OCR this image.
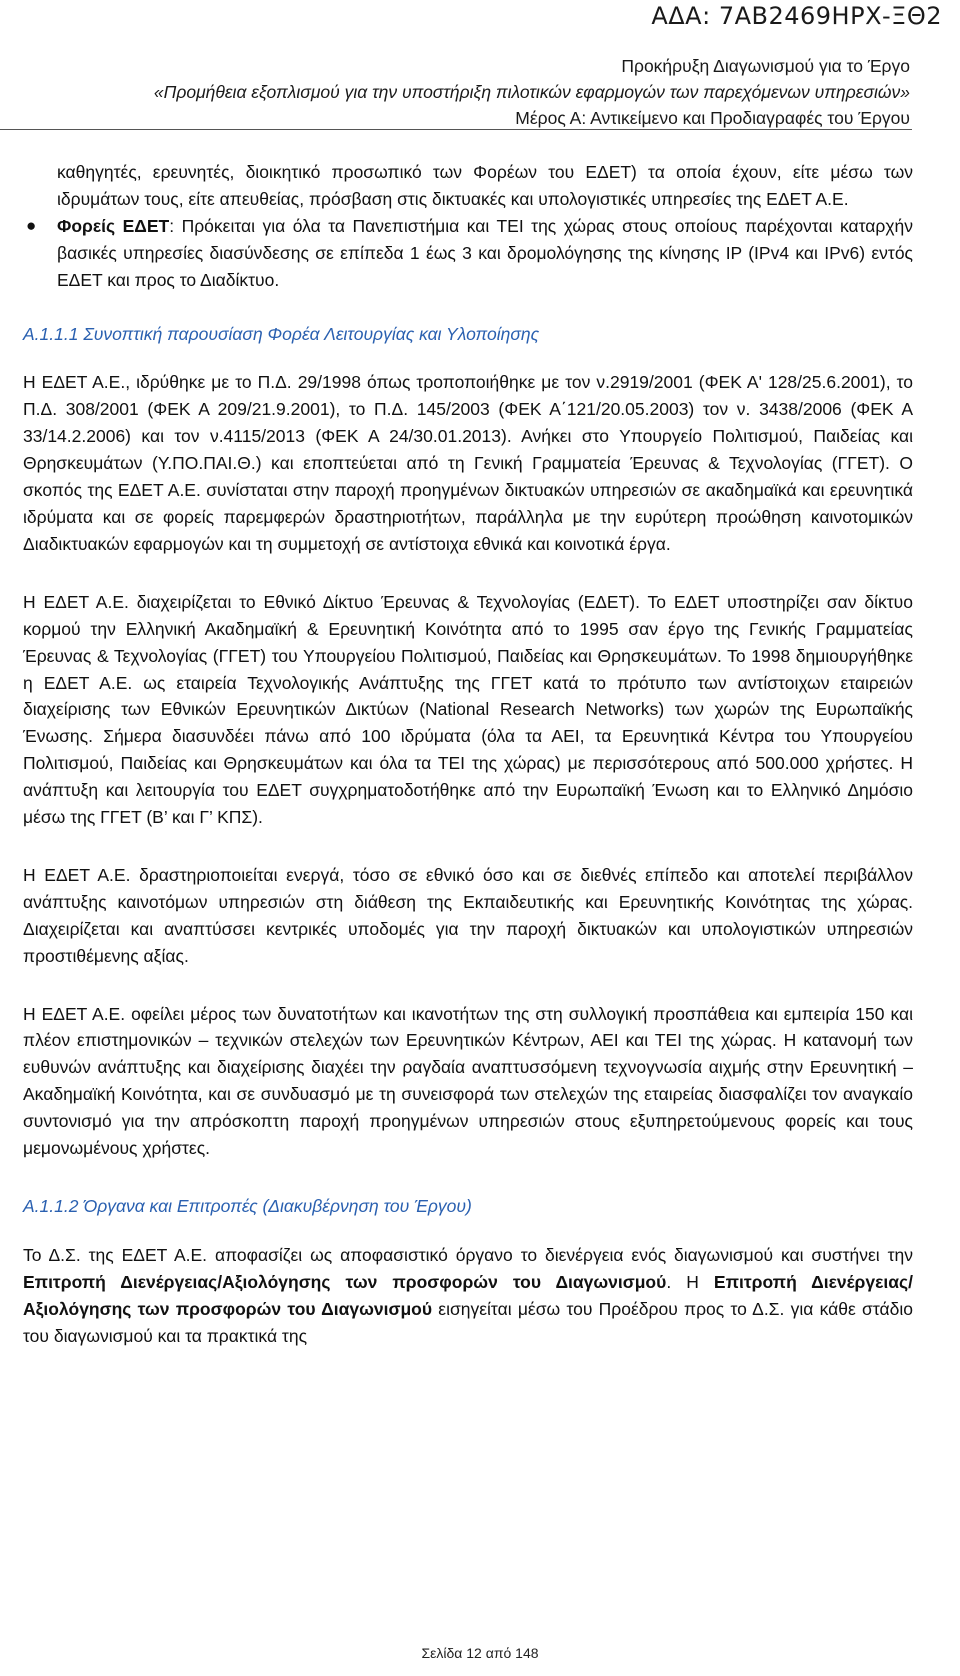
ΑΔΑ: 7ΑΒ2469ΗΡΧ-ΞΘ2
Προκήρυξη Διαγωνισμού για το Έργο
«Προμήθεια εξοπλισμού για την υποστήριξη πιλοτικών εφαρμογών των παρεχόμενων υπηρεσιών»
Μέρος Α: Αντικείμενο και Προδιαγραφές του Έργου

καθηγητές, ερευνητές, διοικητικό προσωπικό των Φορέων του ΕΔΕΤ) τα οποία έχουν, είτε μέσω των ιδρυμάτων τους, είτε απευθείας, πρόσβαση στις δικτυακές και υπολογιστικές υπηρεσίες της ΕΔΕΤ Α.Ε.

● Φορείς ΕΔΕΤ: Πρόκειται για όλα τα Πανεπιστήμια και ΤΕΙ της χώρας στους οποίους παρέχονται καταρχήν βασικές υπηρεσίες διασύνδεσης σε επίπεδα 1 έως 3 και δρομολόγησης της κίνησης IP (IPv4 και IPv6) εντός ΕΔΕΤ και προς το Διαδίκτυο.

Α.1.1.1 Συνοπτική παρουσίαση Φορέα Λειτουργίας και Υλοποίησης

Η ΕΔΕΤ Α.Ε., ιδρύθηκε με το Π.Δ. 29/1998 όπως τροποποιήθηκε με τον ν.2919/2001 (ΦΕΚ Α' 128/25.6.2001), το Π.Δ. 308/2001 (ΦΕΚ Α 209/21.9.2001), το Π.Δ. 145/2003 (ΦΕΚ Α΄121/20.05.2003) τον ν. 3438/2006 (ΦΕΚ Α 33/14.2.2006) και τον ν.4115/2013 (ΦΕΚ Α 24/30.01.2013). Ανήκει στο Υπουργείο Πολιτισμού, Παιδείας και Θρησκευμάτων (Υ.ΠΟ.ΠΑΙ.Θ.) και εποπτεύεται από τη Γενική Γραμματεία Έρευνας & Τεχνολογίας (ΓΓΕΤ). Ο σκοπός της ΕΔΕΤ Α.Ε. συνίσταται στην παροχή προηγμένων δικτυακών υπηρεσιών σε ακαδημαϊκά και ερευνητικά ιδρύματα και σε φορείς παρεμφερών δραστηριοτήτων, παράλληλα με την ευρύτερη προώθηση καινοτομικών Διαδικτυακών εφαρμογών και τη συμμετοχή σε αντίστοιχα εθνικά και κοινοτικά έργα.

Η ΕΔΕΤ Α.Ε. διαχειρίζεται το Εθνικό Δίκτυο Έρευνας & Τεχνολογίας (ΕΔΕΤ). Το ΕΔΕΤ υποστηρίζει σαν δίκτυο κορμού την Ελληνική Ακαδημαϊκή & Ερευνητική Κοινότητα από το 1995 σαν έργο της Γενικής Γραμματείας Έρευνας & Τεχνολογίας (ΓΓΕΤ) του Υπουργείου Πολιτισμού, Παιδείας και Θρησκευμάτων. Το 1998 δημιουργήθηκε η ΕΔΕΤ Α.Ε. ως εταιρεία Τεχνολογικής Ανάπτυξης της ΓΓΕΤ κατά το πρότυπο των αντίστοιχων εταιρειών διαχείρισης των Εθνικών Ερευνητικών Δικτύων (National Research Networks) των χωρών της Ευρωπαϊκής Ένωσης. Σήμερα διασυνδέει πάνω από 100 ιδρύματα (όλα τα ΑΕΙ, τα Ερευνητικά Κέντρα του Υπουργείου Πολιτισμού, Παιδείας και Θρησκευμάτων και όλα τα ΤΕΙ της χώρας) με περισσότερους από 500.000 χρήστες. Η ανάπτυξη και λειτουργία του ΕΔΕΤ συγχρηματοδοτήθηκε από την Ευρωπαϊκή Ένωση και το Ελληνικό Δημόσιο μέσω της ΓΓΕΤ (Β’ και Γ’ ΚΠΣ).

Η ΕΔΕΤ Α.Ε. δραστηριοποιείται ενεργά, τόσο σε εθνικό όσο και σε διεθνές επίπεδο και αποτελεί περιβάλλον ανάπτυξης καινοτόμων υπηρεσιών στη διάθεση της Εκπαιδευτικής και Ερευνητικής Κοινότητας της χώρας. Διαχειρίζεται και αναπτύσσει κεντρικές υποδομές για την παροχή δικτυακών και υπολογιστικών υπηρεσιών προστιθέμενης αξίας.

Η ΕΔΕΤ Α.Ε. οφείλει μέρος των δυνατοτήτων και ικανοτήτων της στη συλλογική προσπάθεια και εμπειρία 150 και πλέον επιστημονικών – τεχνικών στελεχών των Ερευνητικών Κέντρων, ΑΕΙ και ΤΕΙ της χώρας. Η κατανομή των ευθυνών ανάπτυξης και διαχείρισης διαχέει την ραγδαία αναπτυσσόμενη τεχνογνωσία αιχμής στην Ερευνητική – Ακαδημαϊκή Κοινότητα, και σε συνδυασμό με τη συνεισφορά των στελεχών της εταιρείας διασφαλίζει τον αναγκαίο συντονισμό για την απρόσκοπτη παροχή προηγμένων υπηρεσιών στους εξυπηρετούμενους φορείς και τους μεμονωμένους χρήστες.

Α.1.1.2 Όργανα και Επιτροπές (Διακυβέρνηση του Έργου)

Το Δ.Σ. της ΕΔΕΤ Α.Ε. αποφασίζει ως αποφασιστικό όργανο το διενέργεια ενός διαγωνισμού και συστήνει την Επιτροπή Διενέργειας/Αξιολόγησης των προσφορών του Διαγωνισμού. Η Επιτροπή Διενέργειας/Αξιολόγησης των προσφορών του Διαγωνισμού εισηγείται μέσω του Προέδρου προς το Δ.Σ. για κάθε στάδιο του διαγωνισμού και τα πρακτικά της

Σελίδα 12 από 148
